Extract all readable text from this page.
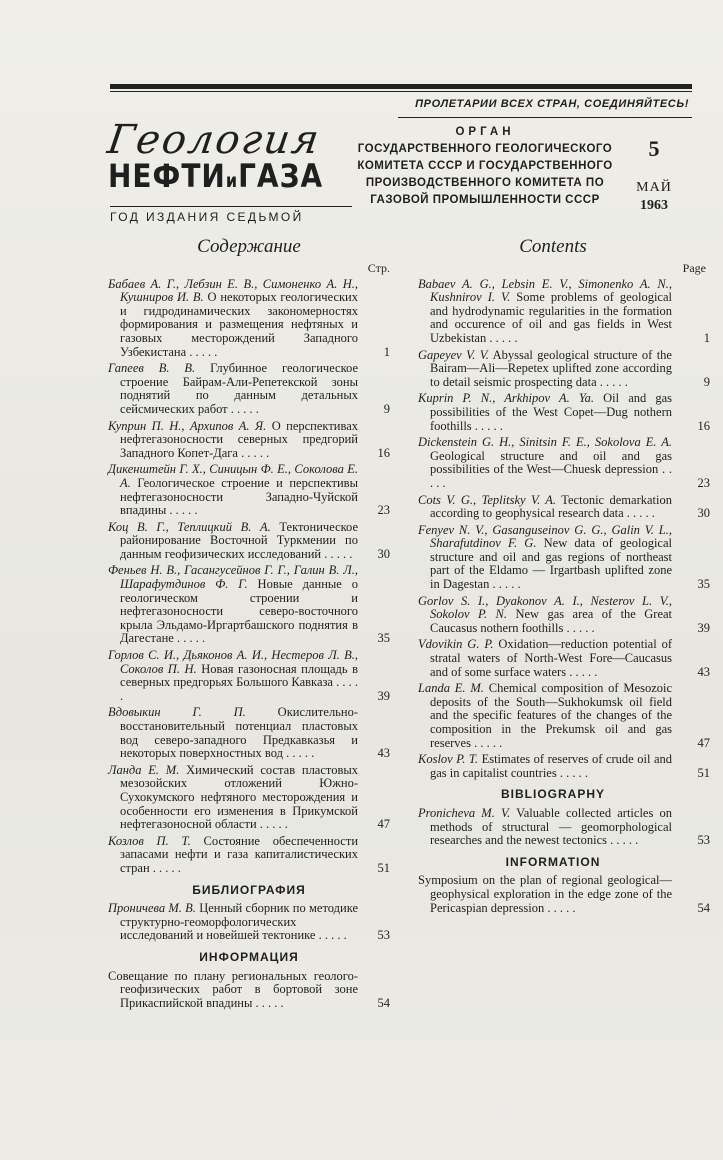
ПРОЛЕТАРИИ ВСЕХ СТРАН, СОЕДИНЯЙТЕСЬ!
Геология
НЕФТИиГАЗА
ГОД ИЗДАНИЯ СЕДЬМОЙ
ОРГАН
ГОСУДАРСТВЕННОГО ГЕОЛОГИЧЕСКОГО
КОМИТЕТА СССР И ГОСУДАРСТВЕННОГО
ПРОИЗВОДСТВЕННОГО КОМИТЕТА ПО
ГАЗОВОЙ ПРОМЫШЛЕННОСТИ СССР
5
МАЙ
1963
Содержание
Стр.
Бабаев А. Г., Лебзин Е. В., Симоненко А. Н., Кушниров И. В. О некоторых геологических и гидродинамических закономерностях формирования и размещения нефтяных и газовых месторождений Западного Узбекистана . . . . .	1
Гапеев В. В. Глубинное геологическое строение Байрам-Али-Репетекской зоны поднятий по данным детальных сейсмических работ . . . . .	9
Куприн П. Н., Архипов А. Я. О перспективах нефтегазоносности северных предгорий Западного Копет-Дага . . . . .	16
Дикенштейн Г. Х., Синицын Ф. Е., Соколова Е. А. Геологическое строение и перспективы нефтегазоносности Западно-Чуйской впадины . . . . .	23
Коц В. Г., Теплицкий В. А. Тектоническое районирование Восточной Туркмении по данным геофизических исследований . . . . .	30
Феньев Н. В., Гасангусейнов Г. Г., Галин В. Л., Шарафутдинов Ф. Г. Новые данные о геологическом строении и нефтегазоносности северо-восточного крыла Эльдамо-Иргартбашского поднятия в Дагестане . . . . .	35
Горлов С. И., Дьяконов А. И., Нестеров Л. В., Соколов П. Н. Новая газоносная площадь в северных предгорьях Большого Кавказа . . . . .	39
Вдовыкин Г. П.	Окислительно-восстановительный потенциал пластовых вод северо-западного Предкавказья и некоторых поверхностных вод . . . . .	43
Ланда Е. М. Химический состав пластовых мезозойских отложений Южно-Сухокумского нефтяного месторождения и особенности его изменения в Прикумской нефтегазоносной области . . . . .	47
Козлов П. Т. Состояние обеспеченности запасами нефти и газа капиталистических стран . . . . .	51
БИБЛИОГРАФИЯ
Проничева М. В. Ценный сборник по методике структурно-геоморфологических исследований и новейшей тектонике . . . . .	53
ИНФОРМАЦИЯ
Совещание по плану региональных геолого-геофизических работ в бортовой зоне Прикаспийской впадины . . . . .	54
Contents
Page
Babaev A. G., Lebsin E. V., Simonenko A. N., Kushnirov I. V. Some problems of geological and hydrodynamic regularities in the formation and occurence of oil and gas fields in West Uzbekistan . . . . .	1
Gapeyev V. V. Abyssal geological structure of the Bairam—Ali—Repetex uplifted zone according to detail seismic prospecting data . . . . .	9
Kuprin P. N., Arkhipov A. Ya. Oil and gas possibilities of the West Copet—Dug nothern foothills . . . . .	16
Dickenstein G. H., Sinitsin F. E., Sokolova E. A. Geological structure and oil and gas possibilities of the West—Chuesk depression . . . . .	23
Cots V. G., Teplitsky V. A. Tectonic demarkation according to geophysical research data . . . . .	30
Fenyev N. V., Gasanguseinov G. G., Galin V. L., Sharafutdinov F. G. New data of geological structure and oil and gas regions of northeast part of the Eldamo — Irgartbash uplifted zone in Dagestan . . . . .	35
Gorlov S. I., Dyakonov A. I., Nesterov L. V., Sokolov P. N. New gas area of the Great Caucasus nothern foothills . . . . .	39
Vdovikin G. P. Oxidation—reduction potential of stratal waters of North-West Fore—Caucasus and of some surface waters . . . . .	43
Landa E. M. Chemical composition of Mesozoic deposits of the South—Sukhokumsk oil field and the specific features of the changes of the composition in the Prekumsk oil and gas reserves . . . . .	47
Koslov P. T. Estimates of reserves of crude oil and gas in capitalist countries . . . . .	51
BIBLIOGRAPHY
Pronicheva M. V. Valuable collected articles on methods of structural — geomorphological researches and the newest tectonics . . . . .	53
INFORMATION
Symposium on the plan of regional geological—geophysical exploration in the edge zone of the Pericaspian depression . . . . .	54
